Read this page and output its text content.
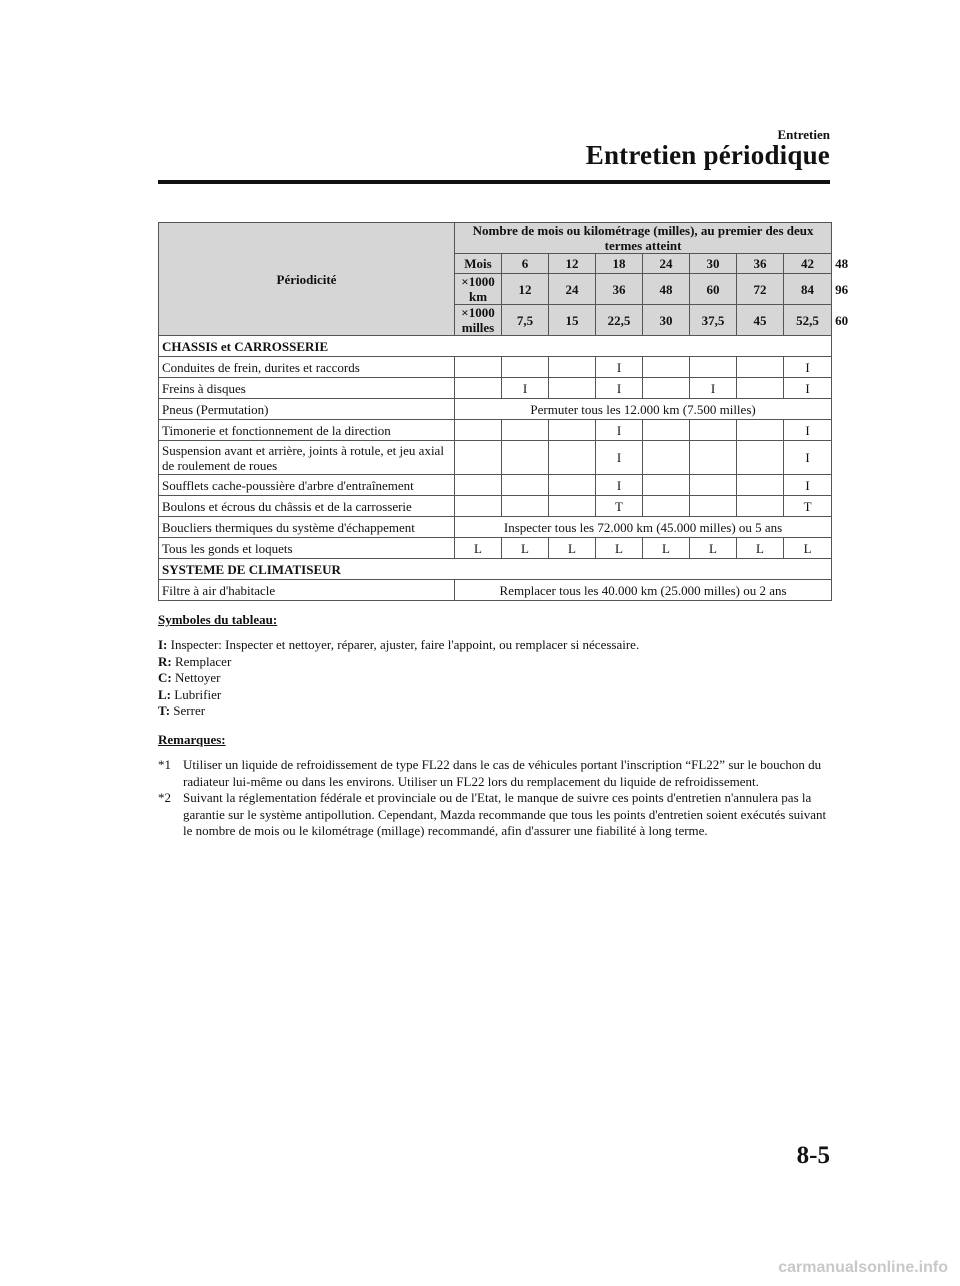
Entretien
Entretien périodique
Périodicité	Nombre de mois ou kilométrage (milles), au premier des deux termes atteint								
	Mois	6	12	18	24	30	36	42	48
	×1000 km	12	24	36	48	60	72	84	96
	×1000 milles	7,5	15	22,5	30	37,5	45	52,5	60
CHASSIS et CARROSSERIE									
Conduites de frein, durites et raccords				I				I	
Freins à disques		I		I		I		I	
Pneus (Permutation)	Permuter tous les 12.000 km (7.500 milles)								
Timonerie et fonctionnement de la direction				I				I	
Suspension avant et arrière, joints à rotule, et jeu axial de roulement de roues				I				I	
Soufflets cache-poussière d'arbre d'entraînement				I				I	
Boulons et écrous du châssis et de la carrosserie				T				T	
Boucliers thermiques du système d'échappement	Inspecter tous les 72.000 km (45.000 milles) ou 5 ans								
Tous les gonds et loquets	L	L	L	L	L	L	L	L	
SYSTEME DE CLIMATISEUR									
Filtre à air d'habitacle	Remplacer tous les 40.000 km (25.000 milles) ou 2 ans								
Symboles du tableau:
I: Inspecter: Inspecter et nettoyer, réparer, ajuster, faire l'appoint, ou remplacer si nécessaire.
R: Remplacer
C: Nettoyer
L: Lubrifier
T: Serrer
Remarques:
*1 Utiliser un liquide de refroidissement de type FL22 dans le cas de véhicules portant l'inscription “FL22” sur le bouchon du radiateur lui-même ou dans les environs. Utiliser un FL22 lors du remplacement du liquide de refroidissement.
*2 Suivant la réglementation fédérale et provinciale ou de l'Etat, le manque de suivre ces points d'entretien n'annulera pas la garantie sur le système antipollution. Cependant, Mazda recommande que tous les points d'entretien soient exécutés suivant le nombre de mois ou le kilométrage (millage) recommandé, afin d'assurer une fiabilité à long terme.
8-5
carmanualsonline.info
